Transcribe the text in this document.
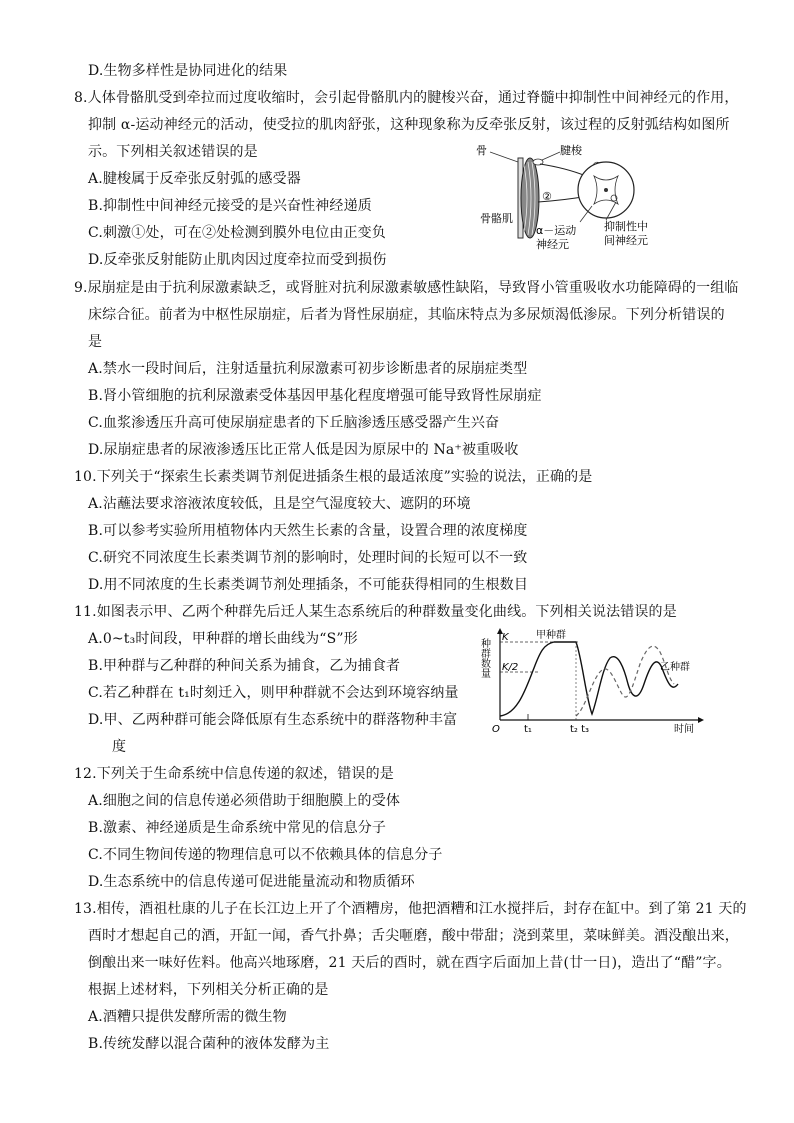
D.生物多样性是协同进化的结果
8.人体骨骼肌受到牵拉而过度收缩时，会引起骨骼肌内的腱梭兴奋，通过脊髓中抑制性中间神经元的作用，
抑制 α-运动神经元的活动，使受拉的肌肉舒张，这种现象称为反牵张反射，该过程的反射弧结构如图所
示。下列相关叙述错误的是
A.腱梭属于反牵张反射弧的感受器
B.抑制性中间神经元接受的是兴奋性神经递质
C.刺激①处，可在②处检测到膜外电位由正变负
D.反牵张反射能防止肌肉因过度牵拉而受到损伤
骨
骨骼肌
腱梭
②
α－运动
神经元
抑制性中
间神经元
9.尿崩症是由于抗利尿激素缺乏，或肾脏对抗利尿激素敏感性缺陷，导致肾小管重吸收水功能障碍的一组临
床综合征。前者为中枢性尿崩症，后者为肾性尿崩症，其临床特点为多尿烦渴低渗尿。下列分析错误的
是
A.禁水一段时间后，注射适量抗利尿激素可初步诊断患者的尿崩症类型
B.肾小管细胞的抗利尿激素受体基因甲基化程度增强可能导致肾性尿崩症
C.血浆渗透压升高可使尿崩症患者的下丘脑渗透压感受器产生兴奋
D.尿崩症患者的尿液渗透压比正常人低是因为原尿中的 Na⁺被重吸收
10.下列关于“探索生长素类调节剂促进插条生根的最适浓度”实验的说法，正确的是
A.沾蘸法要求溶液浓度较低，且是空气湿度较大、遮阴的环境
B.可以参考实验所用植物体内天然生长素的含量，设置合理的浓度梯度
C.研究不同浓度生长素类调节剂的影响时，处理时间的长短可以不一致
D.用不同浓度的生长素类调节剂处理插条，不可能获得相同的生根数目
11.如图表示甲、乙两个种群先后迁人某生态系统后的种群数量变化曲线。下列相关说法错误的是
A.0~t₃时间段，甲种群的增长曲线为“S”形
B.甲种群与乙种群的种间关系为捕食，乙为捕食者
C.若乙种群在 t₁时刻迁入，则甲种群就不会达到环境容纳量
D.甲、乙两种群可能会降低原有生态系统中的群落物种丰富
度
种群数量
K
K/2
O t₁	t₂ t₃	时间
甲种群
乙种群
12.下列关于生命系统中信息传递的叙述，错误的是
A.细胞之间的信息传递必须借助于细胞膜上的受体
B.激素、神经递质是生命系统中常见的信息分子
C.不同生物间传递的物理信息可以不依赖具体的信息分子
D.生态系统中的信息传递可促进能量流动和物质循环
13.相传，酒祖杜康的儿子在长江边上开了个酒糟房，他把酒糟和江水搅拌后，封存在缸中。到了第 21 天的
酉时才想起自己的酒，开缸一闻，香气扑鼻；舌尖咂磨，酸中带甜；浇到菜里，菜味鲜美。酒没酿出来，
倒酿出来一味好佐料。他高兴地琢磨，21 天后的酉时，就在酉字后面加上昔(廿一日)，造出了“醋”字。
根据上述材料，下列相关分析正确的是
A.酒糟只提供发酵所需的微生物
B.传统发酵以混合菌种的液体发酵为主
